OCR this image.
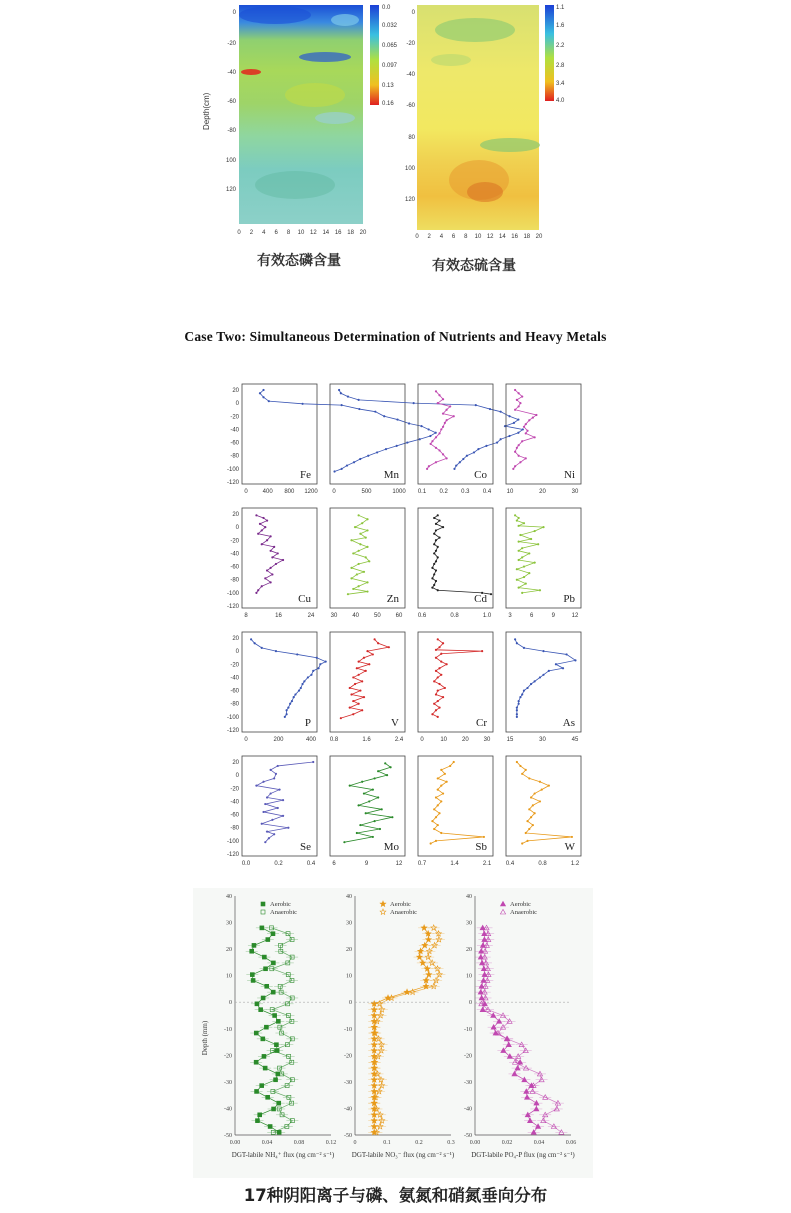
0.0
0.032
0.065
0.097
0.13
0.16
0
-20
-40
-60
-80
100
120
Depth(cm)
0 2 4 6 8 10 12 14 16 18 20
1.1
1.6
2.2
2.8
3.4
4.0
0
-20
-40
-60
80
100
120
0 2 4 6 8 10 12 14 16 18 20
有效态磷含量	有效态硫含量
Case Two: Simultaneous Determination of Nutrients and Heavy Metals
20
0
-20
-40
-60
-80
-100
-120
0 400 800 1200
Fe
0	500	1000
Mn
0.1 0.2 0.3 0.4
Co
10	20	30
Ni
20
0
-20
-40
-60
-80
-100
-120
8	16	24
Cu
30 40 50 60
Zn
0.6	0.8	1.0
Cd
3	6	9	12
Pb
20
0
-20
-40
-60
-80
-100
-120
0	200	400
P
0.8	1.6	2.4
V
0	10 20 30
Cr
15	30	45
As
20
0
-20
-40
-60
-80
-100
-120
0.0	0.2	0.4
Se
6	9	12
Mo
0.7	1.4	2.1
Sb
0.4	0.8	1.2
W
Depth (mm)
40
30
20
10
0
-10
-20
-30
-40
-50
0.00	0.04	0.08	0.12
DGT-labile NH₄⁺ flux (ng cm⁻² s⁻¹)
Aerobic
Anaerobic
40
30
20
10
0
-10
-20
-30
-40
-50
0	0.1	0.2	0.3
DGT-labile NO₃⁻ flux (ng cm⁻² s⁻¹)
Aerobic
Anaerobic
40
30
20
10
0
-10
-20
-30
-40
-50
0.00	0.02	0.04	0.06
DGT-labile PO₄-P flux (ng cm⁻² s⁻¹)
Aerobic
Anaerobic
17种阴阳离子与磷、氨氮和硝氮垂向分布
